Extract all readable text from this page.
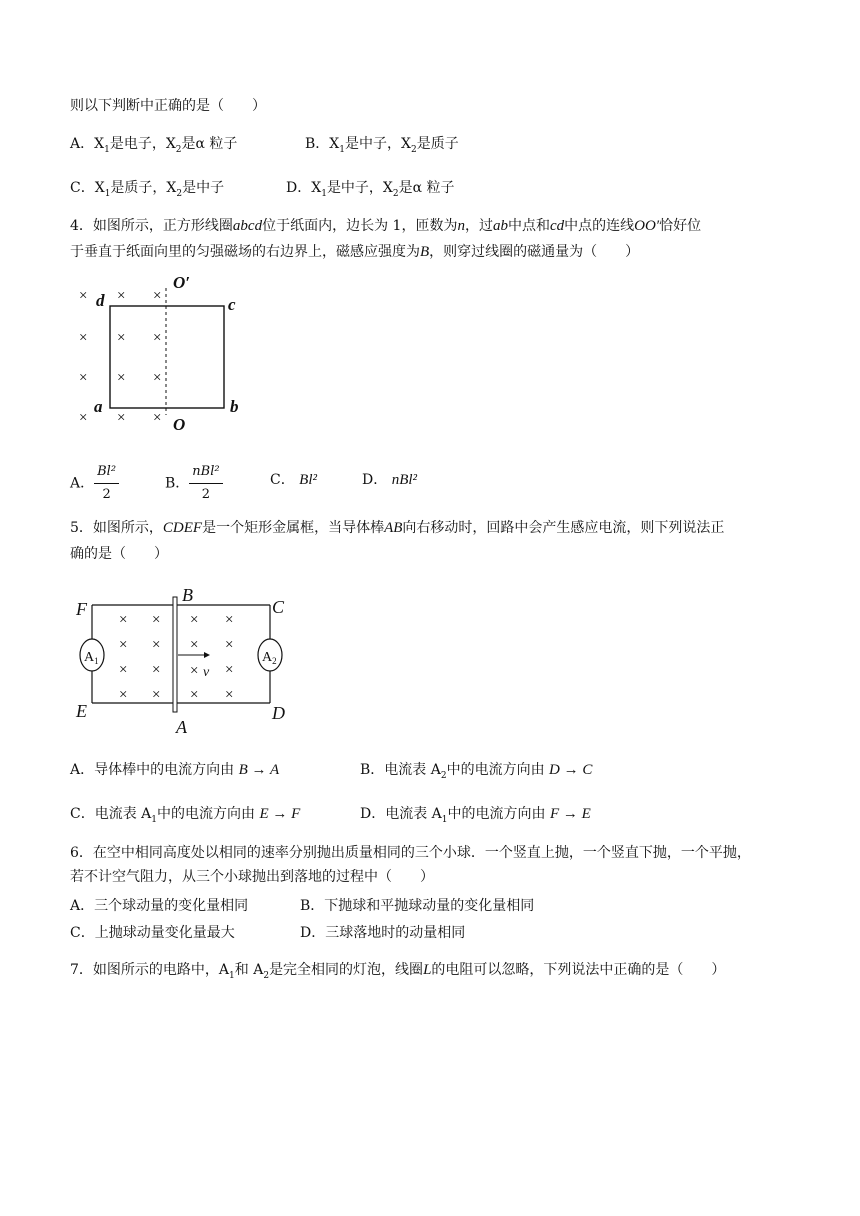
则以下判断中正确的是（　　）
A．$X_1$是电子，$X_2$是α 粒子	B．$X_1$是中子，$X_2$是质子
C．$X_1$是质子，$X_2$是中子	D．$X_1$是中子，$X_2$是α 粒子
4．如图所示，正方形线圈abcd位于纸面内，边长为 1，匝数为n，过ab中点和cd中点的连线OO′恰好位
于垂直于纸面向里的匀强磁场的右边界上，磁感应强度为B，则穿过线圈的磁通量为（　　）
× × ×
× × ×
× × ×
× × ×
d	c
a	b
O
O′
A． $\frac{\text{Bl²}}{2}$	B． $\frac{\text{nBl²}}{2}$	C． Bl²	D． nBl²
5．如图所示，CDEF是一个矩形金属框，当导体棒AB向右移动时，回路中会产生感应电流，则下列说法正
确的是（　　）
× × × ×
× × × ×
× × × ×
× × × ×
v
F
B
C
E
A
D
$A_1$	$A_2$
A．导体棒中的电流方向由 B → A	B．电流表 $A_2$中的电流方向由 D → C
C．电流表 $A_1$中的电流方向由 E → F	D．电流表 $A_1$中的电流方向由 F → E
6．在空中相同高度处以相同的速率分别抛出质量相同的三个小球．一个竖直上抛，一个竖直下抛，一个平抛，
若不计空气阻力，从三个小球抛出到落地的过程中（　　）
A．三个球动量的变化量相同	B．下抛球和平抛球动量的变化量相同
C．上抛球动量变化量最大	D．三球落地时的动量相同
7．如图所示的电路中，$A_1$和 $A_2$是完全相同的灯泡，线圈L的电阻可以忽略，下列说法中正确的是（　　）
